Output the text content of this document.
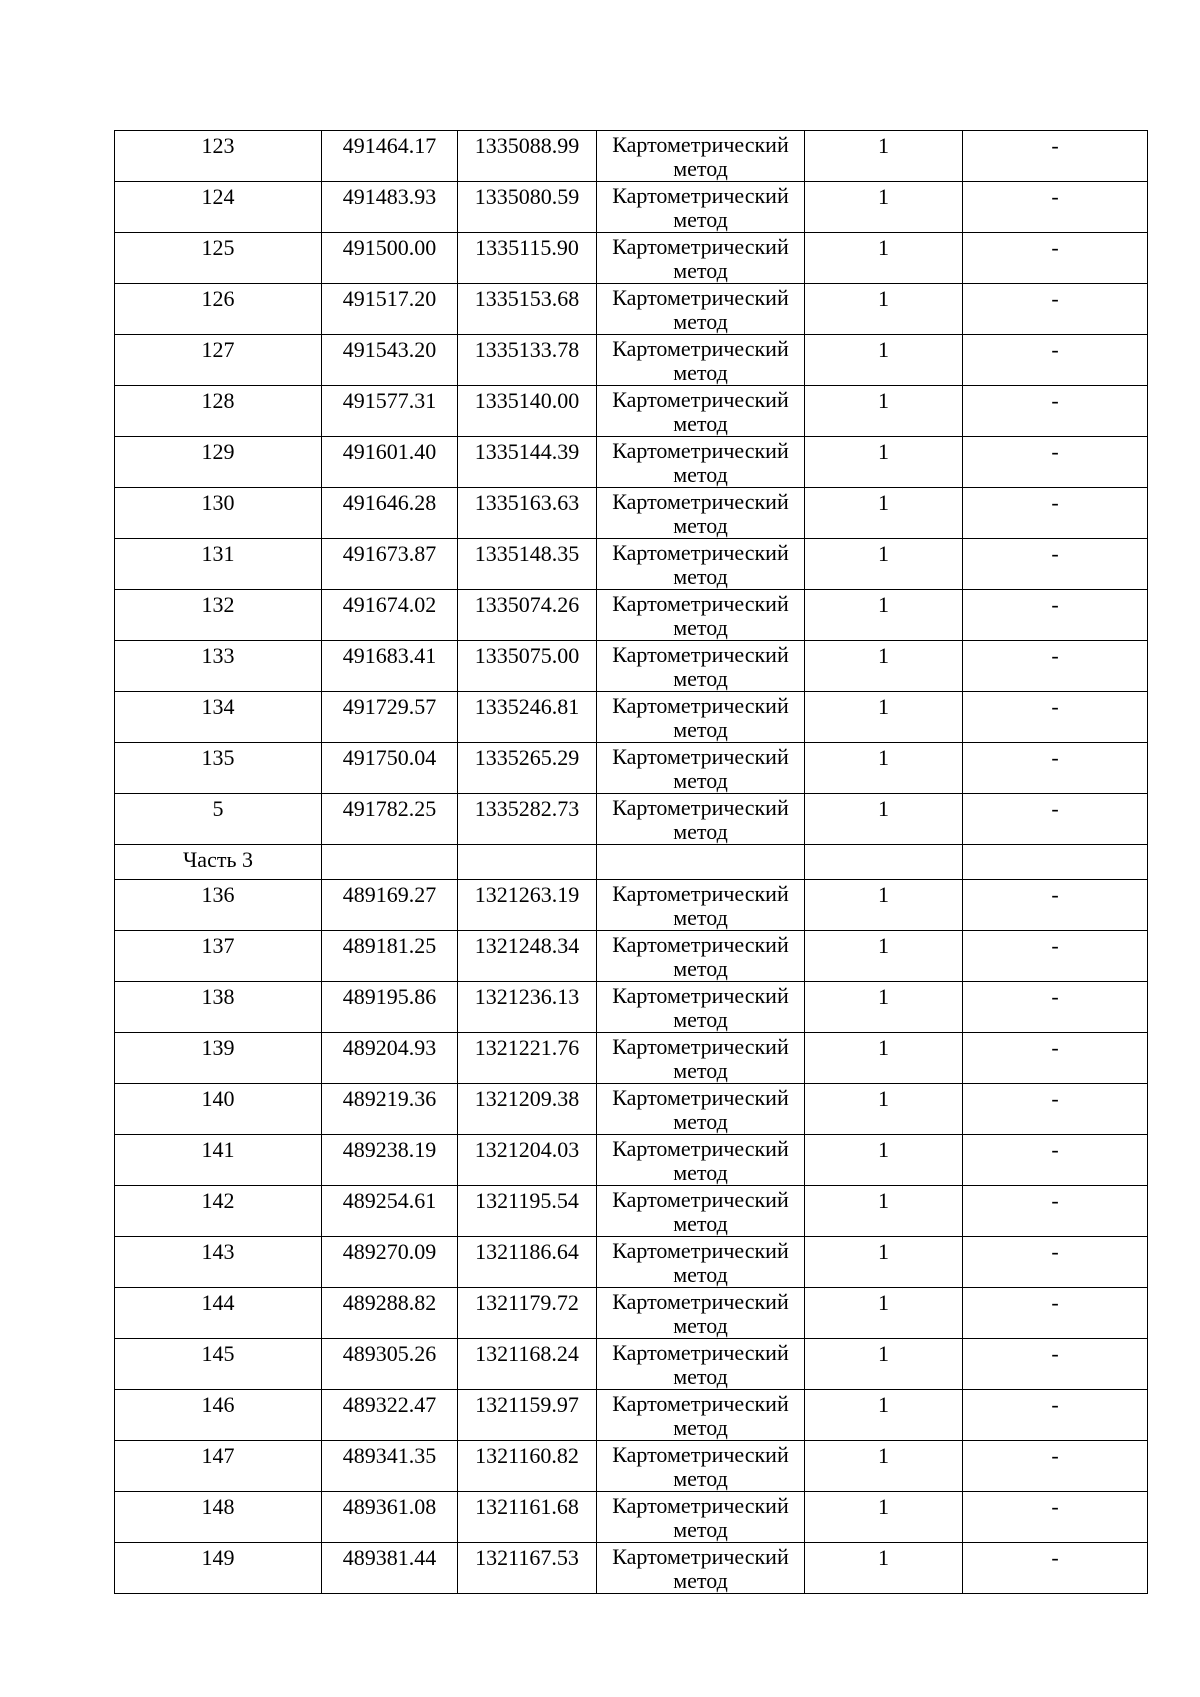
123	491464.17	1335088.99	Картометрический метод	1	-

124	491483.93	1335080.59	Картометрический метод	1	-

125	491500.00	1335115.90	Картометрический метод	1	-

126	491517.20	1335153.68	Картометрический метод	1	-

127	491543.20	1335133.78	Картометрический метод	1	-

128	491577.31	1335140.00	Картометрический метод	1	-

129	491601.40	1335144.39	Картометрический метод	1	-

130	491646.28	1335163.63	Картометрический метод	1	-

131	491673.87	1335148.35	Картометрический метод	1	-

132	491674.02	1335074.26	Картометрический метод	1	-

133	491683.41	1335075.00	Картометрический метод	1	-

134	491729.57	1335246.81	Картометрический метод	1	-

135	491750.04	1335265.29	Картометрический метод	1	-

5	491782.25	1335282.73	Картометрический метод	1	-

Часть 3					

136	489169.27	1321263.19	Картометрический метод	1	-

137	489181.25	1321248.34	Картометрический метод	1	-

138	489195.86	1321236.13	Картометрический метод	1	-

139	489204.93	1321221.76	Картометрический метод	1	-

140	489219.36	1321209.38	Картометрический метод	1	-

141	489238.19	1321204.03	Картометрический метод	1	-

142	489254.61	1321195.54	Картометрический метод	1	-

143	489270.09	1321186.64	Картометрический метод	1	-

144	489288.82	1321179.72	Картометрический метод	1	-

145	489305.26	1321168.24	Картометрический метод	1	-

146	489322.47	1321159.97	Картометрический метод	1	-

147	489341.35	1321160.82	Картометрический метод	1	-

148	489361.08	1321161.68	Картометрический метод	1	-

149	489381.44	1321167.53	Картометрический метод	1	-
